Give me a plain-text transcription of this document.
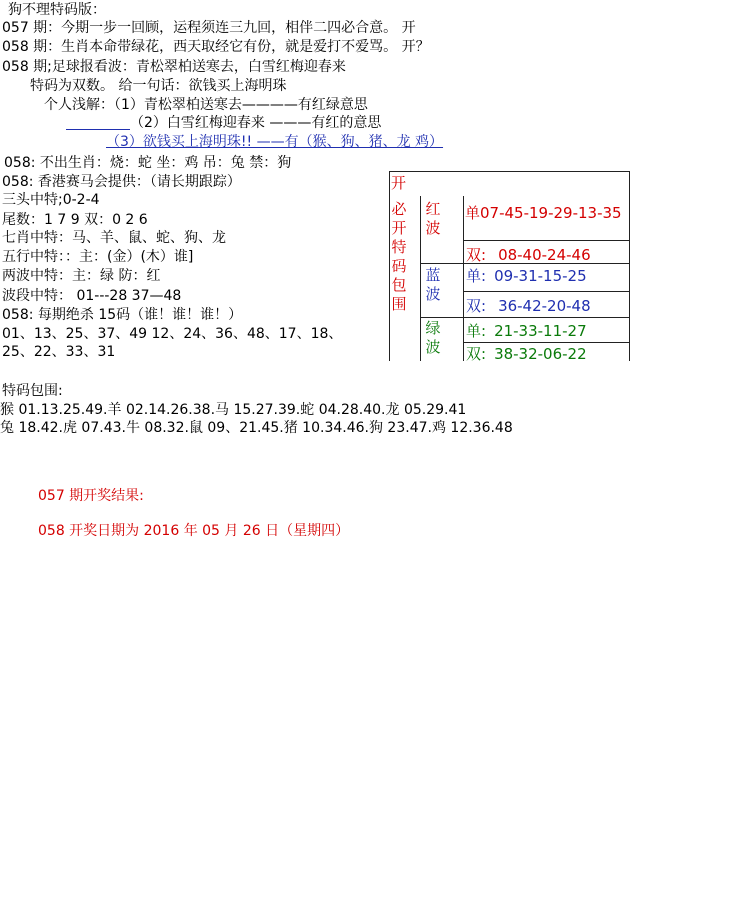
狗不理特码版：
057 期：今期一步一回顾，运程须连三九回，相伴二四必合意。 开
058 期：生肖本命带绿花，西天取经它有份，就是爱打不爱骂。 开？
058 期;足球报看波：青松翠柏送寒去，白雪红梅迎春来
特码为双数。 给一句话：欲钱买上海明珠
个人浅解：（1）青松翠柏送寒去————有红绿意思
（2）白雪红梅迎春来 ———有红的意思
（3）欲钱买上海明珠!! ——有（猴、狗、猪、龙 鸡）
058: 不出生肖：烧：蛇 坐：鸡 吊：兔 禁：狗
058: 香港赛马会提供：（请长期跟踪）
三头中特;0-2-4
尾数：1 7 9 双：0 2 6
七肖中特：马、羊、鼠、蛇、狗、龙
五行中特：：主：(金）(木）谁]
两波中特：主：绿 防：红
波段中特： 01---28 37—48
058: 每期绝杀 15码（谁！谁！谁！）
01、13、25、37、49 12、24、36、48、17、18、
25、22、33、31
特码包围:
猴 01.13.25.49.羊 02.14.26.38.马 15.27.39.蛇 04.28.40.龙 05.29.41
兔 18.42.虎 07.43.牛 08.32.鼠 09、21.45.猪 10.34.46.狗 23.47.鸡 12.36.48
057 期开奖结果:
058 开奖日期为 2016 年 05 月 26 日（星期四）
开
必开特码包围
红波
蓝波
绿波
单07-45-19-29-13-35
双: 08-40-24-46
单: 09-31-15-25
双: 36-42-20-48
单: 21-33-11-27
双: 38-32-06-22
